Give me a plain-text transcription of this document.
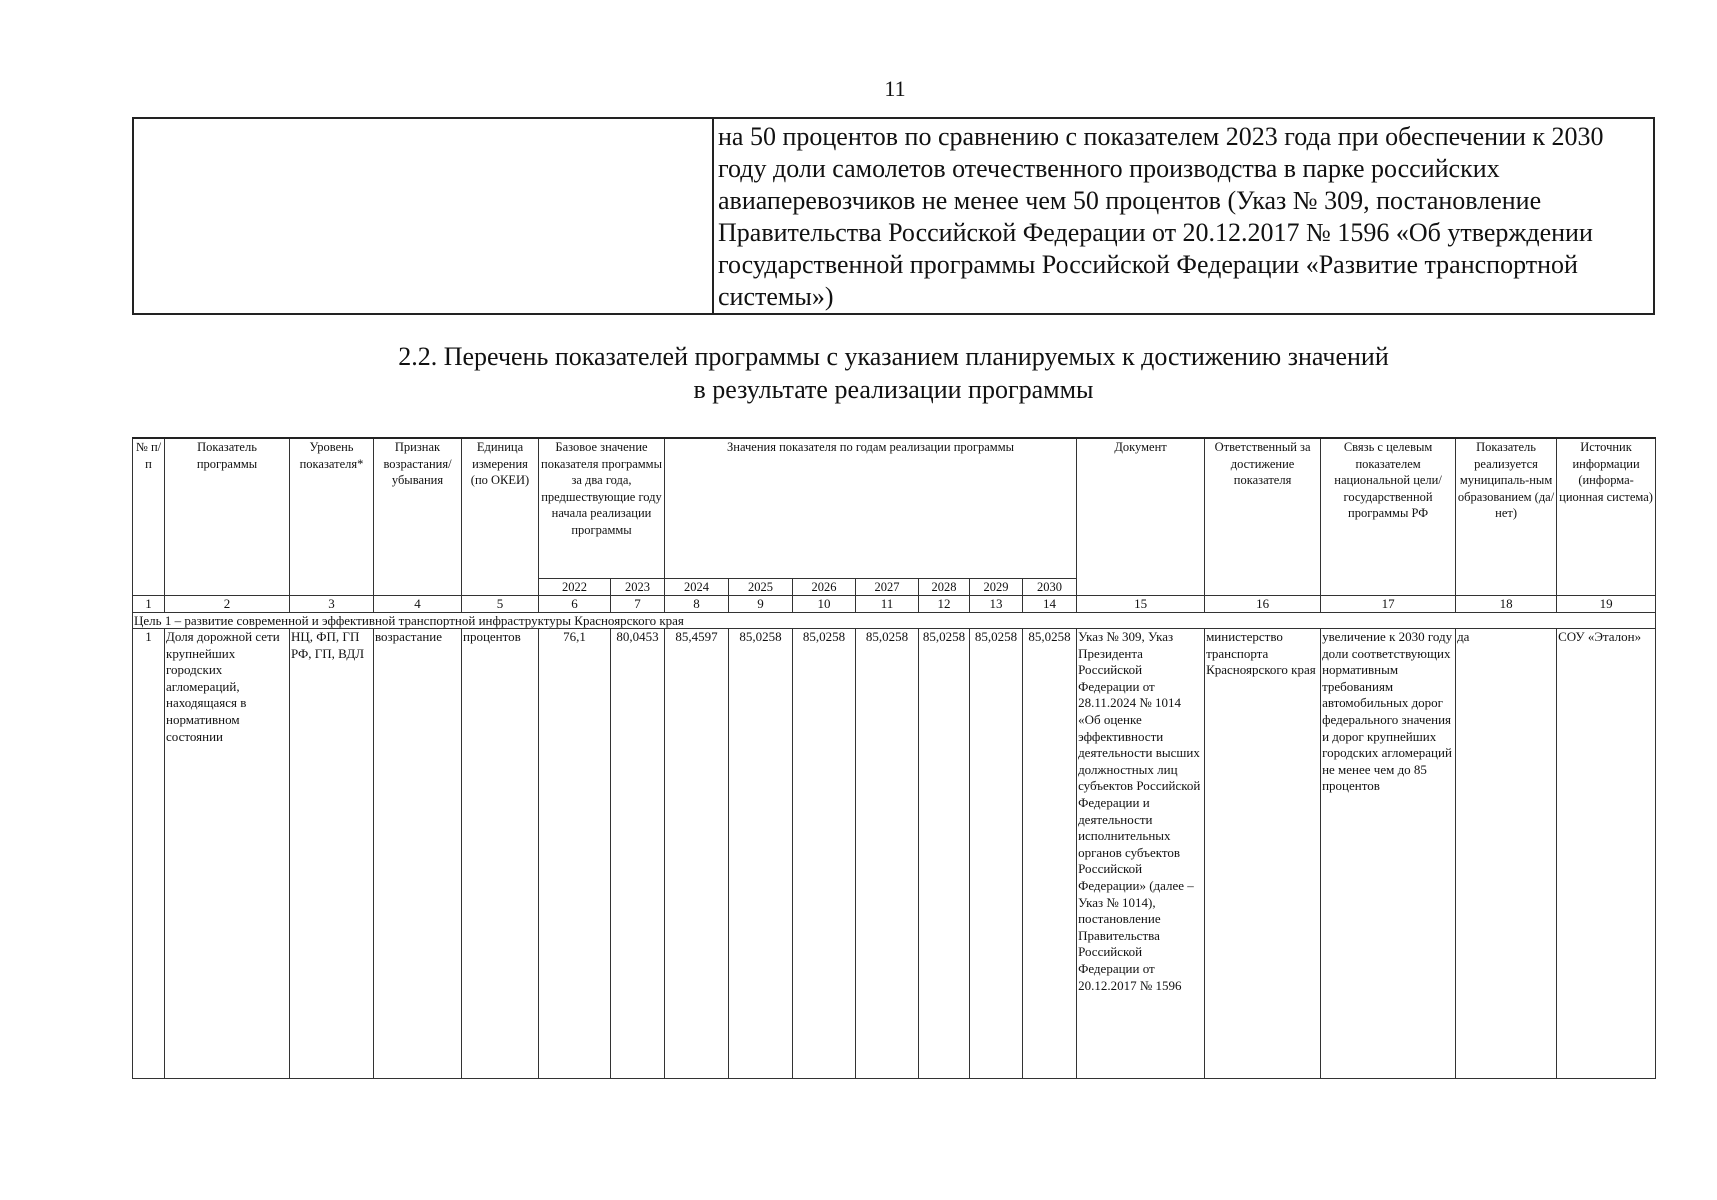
11
	на 50 процентов по сравнению с показателем 2023 года при обеспечении к 2030 году доли самолетов отечественного производства в парке российских авиаперевозчиков не менее чем 50 процентов (Указ № 309, постановление Правительства Российской Федерации от 20.12.2017 № 1596 «Об утверждении государственной программы Российской Федерации «Развитие транспортной системы»)
2.2. Перечень показателей программы с указанием планируемых к достижению значений
в результате реализации программы
№ п/п	Показатель программы	Уровень показателя*	Признак возрастания/ убывания	Единица измерения (по ОКЕИ)	Базовое значение показателя программы за два года, предшествующие году начала реализации программы		Значения показателя по годам реализации программы							Документ	Ответственный за достижение показателя	Связь с целевым показателем национальной цели/ государственной программы РФ	Показатель реализуется муниципаль-ным образованием (да/нет)	Источник информации (информа-ционная система)
					2022	2023	2024	2025	2026	2027	2028	2029	2030					
1	2	3	4	5	6	7	8	9	10	11	12	13	14	15	16	17	18	19
Цель 1 – развитие современной и эффективной транспортной инфраструктуры Красноярского края																		
1	Доля дорожной сети крупнейших городских агломераций, находящаяся в нормативном состоянии	НЦ, ФП, ГП РФ, ГП, ВДЛ	возрастание	процентов	76,1	80,0453	85,4597	85,0258	85,0258	85,0258	85,0258	85,0258	85,0258	Указ № 309, Указ Президента Российской Федерации от 28.11.2024 № 1014 «Об оценке эффективности деятельности высших должностных лиц субъектов Российской Федерации и деятельности исполнительных органов субъектов Российской Федерации» (далее – Указ № 1014), постановление Правительства Российской Федерации от 20.12.2017 № 1596	министерство транспорта Красноярского края	увеличение к 2030 году доли соответствующих нормативным требованиям автомобильных дорог федерального значения и дорог крупнейших городских агломераций не менее чем до 85 процентов	да	СОУ «Эталон»
